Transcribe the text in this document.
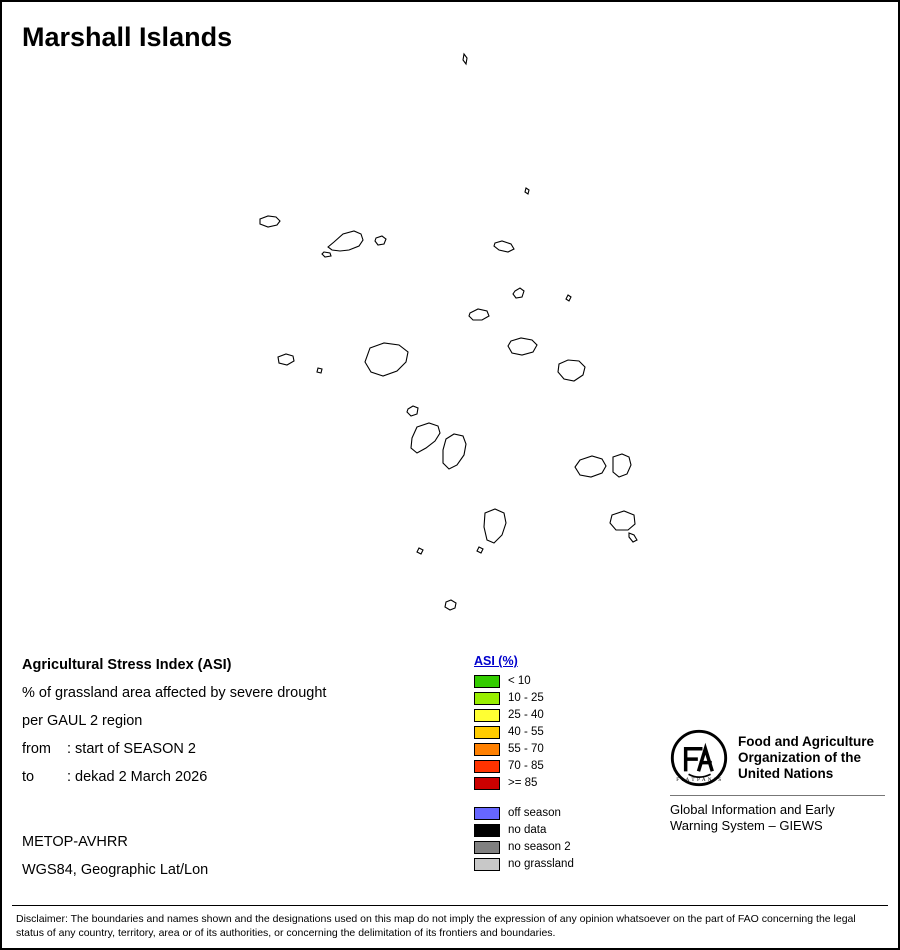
Marshall Islands
Agricultural Stress Index (ASI)
% of grassland area affected by severe drought
per GAUL 2 region
from : start of SEASON 2
to : dekad 2 March 2026
METOP-AVHRR
WGS84, Geographic Lat/Lon
ASI (%)
< 10
10 - 25
25 - 40
40 - 55
55 - 70
70 - 85
>= 85
off season
no data
no season 2
no grassland
F I A T P A N I S
Food and Agriculture
Organization of the
United Nations
Global Information and Early
Warning System – GIEWS
Disclaimer: The boundaries and names shown and the designations used on this map do not imply the expression of any opinion whatsoever on the part of FAO concerning the legal status of any country, territory, area or of its authorities, or concerning the delimitation of its frontiers and boundaries.
